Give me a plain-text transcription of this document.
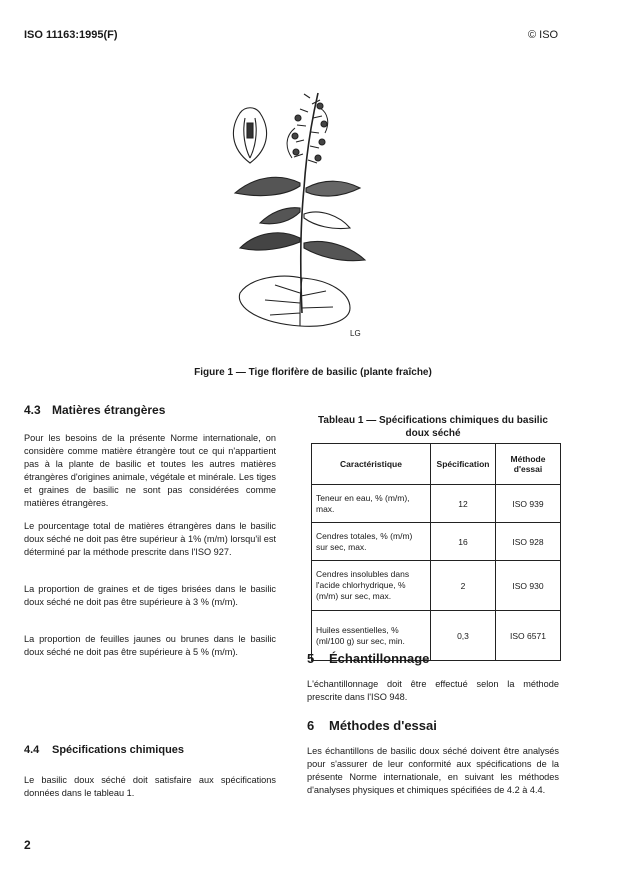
ISO 11163:1995(F)	© ISO
LG
Figure 1 — Tige florifère de basilic (plante fraîche)
4.3 Matières étrangères
Pour les besoins de la présente Norme internationale, on considère comme matière étrangère tout ce qui n'appartient pas à la plante de basilic et toutes les autres matières étrangères d'origines animale, végétale et minérale. Les tiges et graines de basilic ne sont pas considérées comme matières étrangères.
Le pourcentage total de matières étrangères dans le basilic doux séché ne doit pas être supérieur à 1% (m/m) lorsqu'il est déterminé par la méthode prescrite dans l'ISO 927.
La proportion de graines et de tiges brisées dans le basilic doux séché ne doit pas être supérieure à 3 % (m/m).
La proportion de feuilles jaunes ou brunes dans le basilic doux séché ne doit pas être supérieure à 5 % (m/m).
4.4 Spécifications chimiques
Le basilic doux séché doit satisfaire aux spécifications données dans le tableau 1.
Tableau 1 — Spécifications chimiques du basilic
doux séché
Caractéristique	Spécification	Méthode d'essai
Teneur en eau, % (m/m), max.	12	ISO 939
Cendres totales, % (m/m) sur sec, max.	16	ISO 928
Cendres insolubles dans l'acide chlorhydrique, % (m/m) sur sec, max.	2	ISO 930
Huiles essentielles, % (ml/100 g) sur sec, min.	0,3	ISO 6571
5 Échantillonnage
L'échantillonnage doit être effectué selon la méthode prescrite dans l'ISO 948.
6 Méthodes d'essai
Les échantillons de basilic doux séché doivent être analysés pour s'assurer de leur conformité aux spécifications de la présente Norme internationale, en suivant les méthodes d'analyses physiques et chimiques spécifiées de 4.2 à 4.4.
2
